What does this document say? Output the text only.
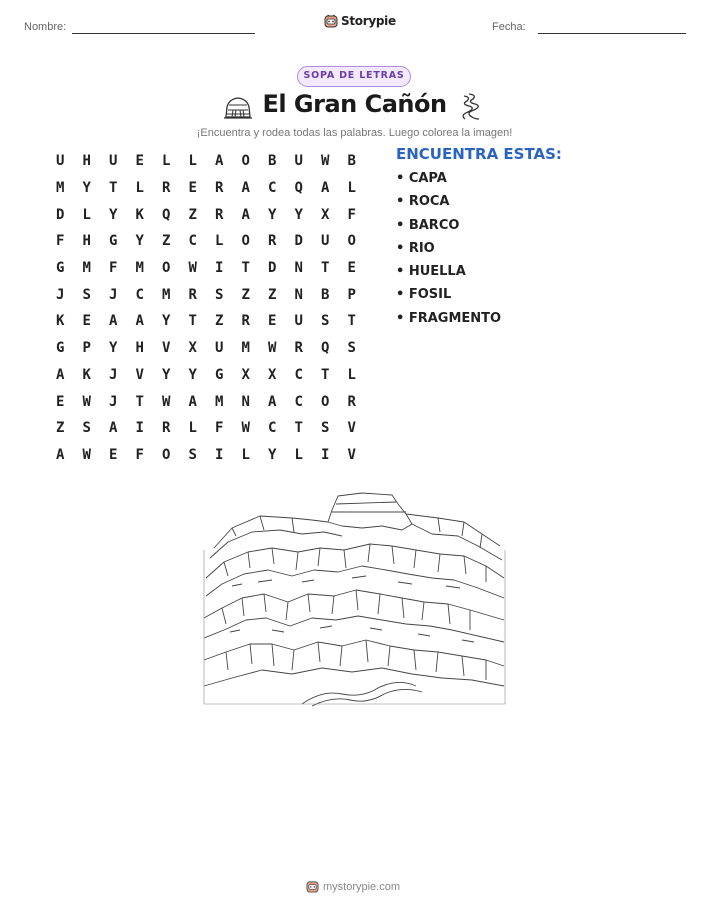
Nombre:	Storypie	Fecha:
SOPA DE LETRAS
El Gran Cañón
¡Encuentra y rodea todas las palabras. Luego colorea la imagen!
U	H	U	E	L	L	A	O	B	U	W	B
M	Y	T	L	R	E	R	A	C	Q	A	L
D	L	Y	K	Q	Z	R	A	Y	Y	X	F
F	H	G	Y	Z	C	L	O	R	D	U	O
G	M	F	M	O	W	I	T	D	N	T	E
J	S	J	C	M	R	S	Z	Z	N	B	P
K	E	A	A	Y	T	Z	R	E	U	S	T
G	P	Y	H	V	X	U	M	W	R	Q	S
A	K	J	V	Y	Y	G	X	X	C	T	L
E	W	J	T	W	A	M	N	A	C	O	R
Z	S	A	I	R	L	F	W	C	T	S	V
A	W	E	F	O	S	I	L	Y	L	I	V
ENCUENTRA ESTAS:
• CAPA
• ROCA
• BARCO
• RIO
• HUELLA
• FOSIL
• FRAGMENTO
mystorypie.com
